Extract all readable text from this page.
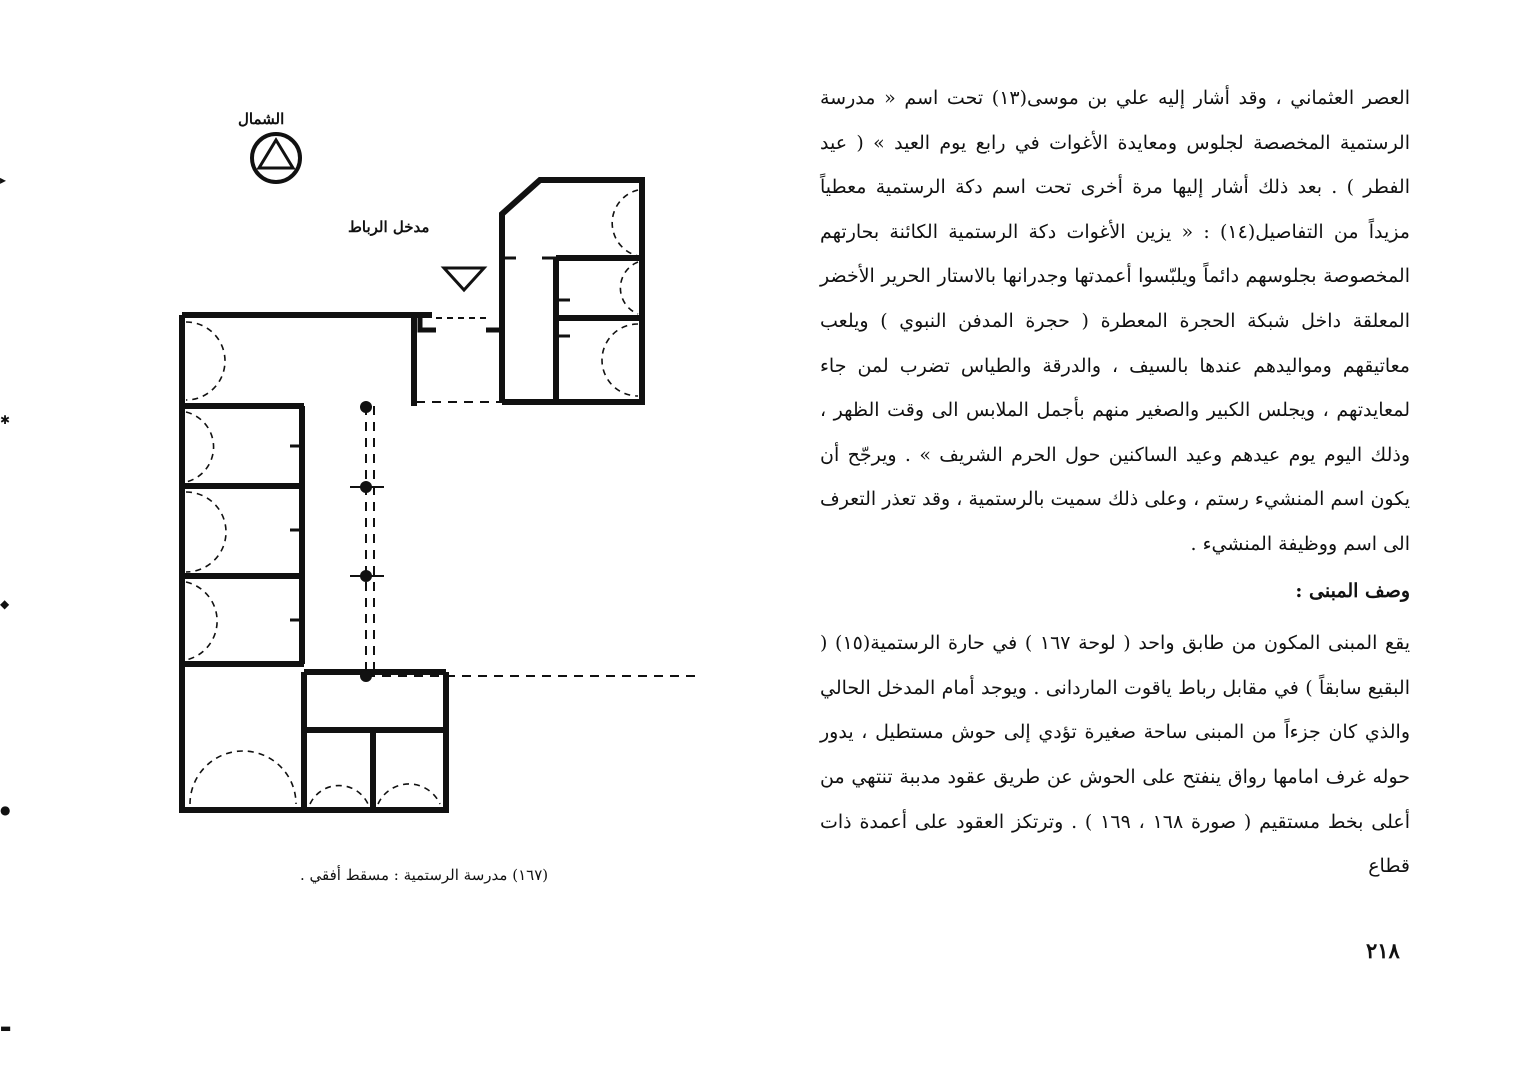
الشمال
مدخل الرباط
(١٦٧) مدرسة الرستمية : مسقط أفقي .

العصر العثماني ، وقد أشار إليه علي بن موسى(١٣) تحت اسم « مدرسة الرستمية المخصصة لجلوس ومعايدة الأغوات في رابع يوم العيد » ( عيد الفطر ) . بعد ذلك أشار إليها مرة أخرى تحت اسم دكة الرستمية معطياً مزيداً من التفاصيل(١٤) : « يزين الأغوات دكة الرستمية الكائنة بحارتهم المخصوصة بجلوسهم دائماً ويلبّسوا أعمدتها وجدرانها بالاستار الحرير الأخضر المعلقة داخل شبكة الحجرة المعطرة ( حجرة المدفن النبوي ) ويلعب معاتيقهم ومواليدهم عندها بالسيف ، والدرقة والطياس تضرب لمن جاء لمعايدتهم ، ويجلس الكبير والصغير منهم بأجمل الملابس الى وقت الظهر ، وذلك اليوم يوم عيدهم وعيد الساكنين حول الحرم الشريف » . ويرجّح أن يكون اسم المنشيء رستم ، وعلى ذلك سميت بالرستمية ، وقد تعذر التعرف الى اسم ووظيفة المنشيء .

وصف المبنى :

يقع المبنى المكون من طابق واحد ( لوحة ١٦٧ ) في حارة الرستمية(١٥) ( البقيع سابقاً ) في مقابل رباط ياقوت الماردانى . ويوجد أمام المدخل الحالي والذي كان جزءاً من المبنى ساحة صغيرة تؤدي إلى حوش مستطيل ، يدور حوله غرف امامها رواق ينفتح على الحوش عن طريق عقود مدببة تنتهي من أعلى بخط مستقيم ( صورة ١٦٨ ، ١٦٩ ) . وترتكز العقود على أعمدة ذات قطاع

٢١٨
▸
✱
◆
●
▬
